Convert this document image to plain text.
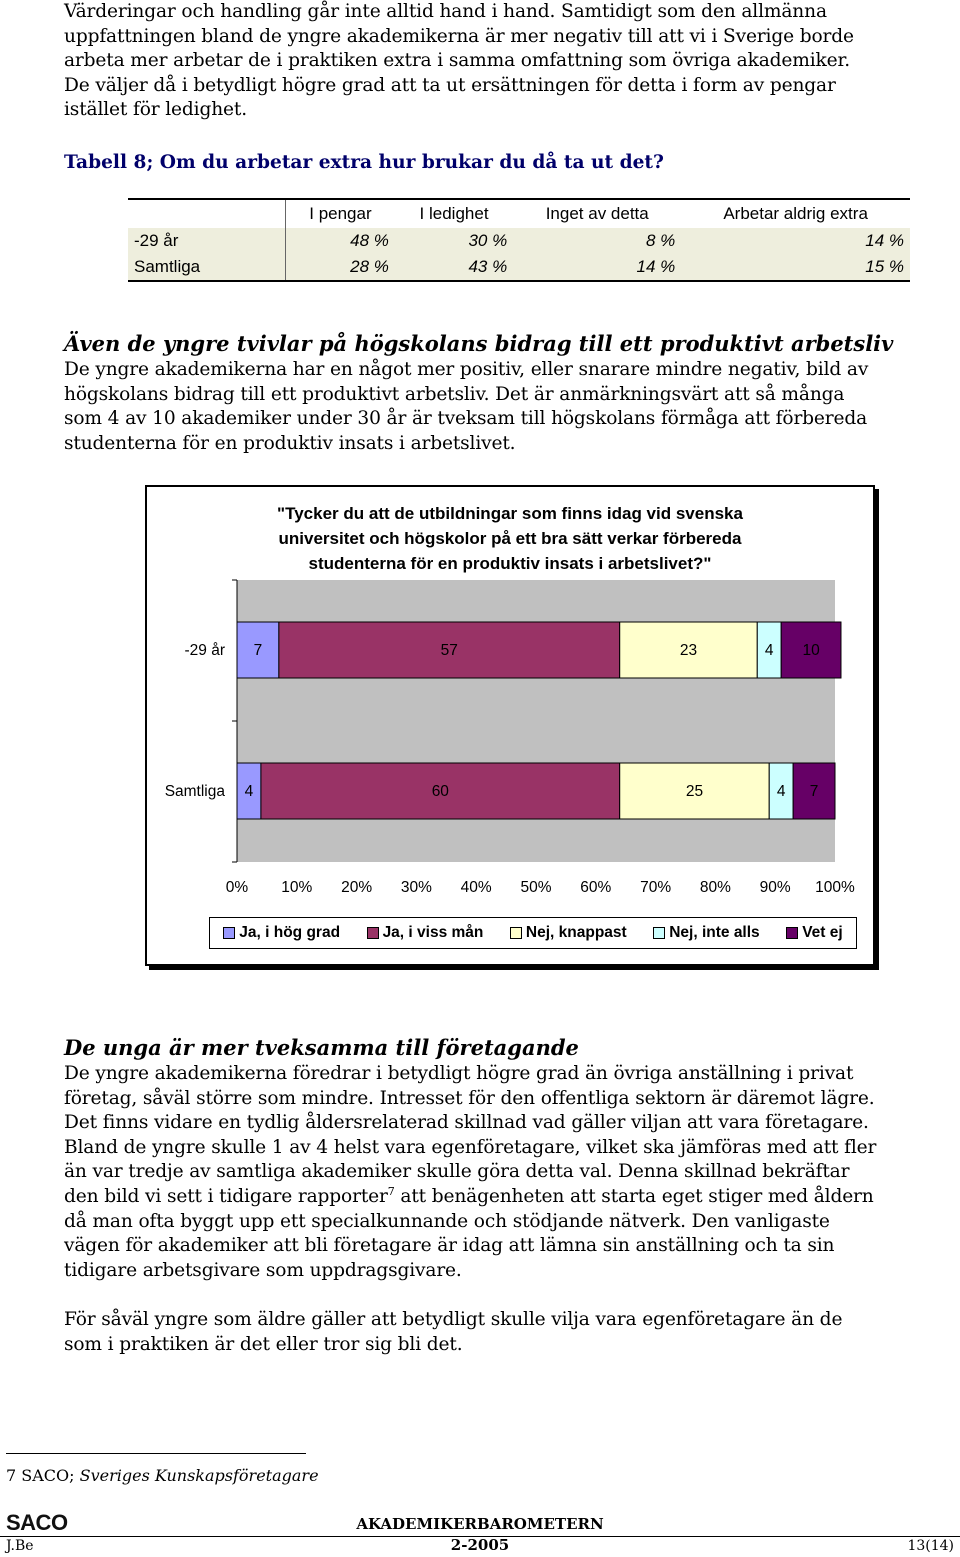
Värderingar och handling går inte alltid hand i hand. Samtidigt som den allmänna

uppfattningen bland de yngre akademikerna är mer negativ till att vi i Sverige borde

arbeta mer arbetar de i praktiken extra i samma omfattning som övriga akademiker.

De väljer då i betydligt högre grad att ta ut ersättningen för detta i form av pengar

istället för ledighet.

Tabell 8; Om du arbetar extra hur brukar du då ta ut det?
	I pengar	I ledighet	Inget av detta	Arbetar aldrig extra
-29 år	48 %	30 %	8 %	14 %
Samtliga	28 %	43 %	14 %	15 %
Även de yngre tvivlar på högskolans bidrag till ett produktivt arbetsliv

De yngre akademikerna har en något mer positiv, eller snarare mindre negativ, bild av

högskolans bidrag till ett produktivt arbetsliv. Det är anmärkningsvärt att så många

som 4 av 10 akademiker under 30 år är tveksam till högskolans förmåga att förbereda

studenterna för en produktiv insats i arbetslivet.

"Tycker du att de utbildningar som finns idag vid svenska
universitet och högskolor på ett bra sätt verkar förbereda
studenterna för en produktiv insats i arbetslivet?"
-29 år 7	57	23	4 10
Samtliga 4	60	25	4 7
0% 10% 20% 30% 40% 50% 60% 70% 80% 90% 100%
Ja, i hög grad	Ja, i viss mån	Nej, knappast	Nej, inte alls	Vet ej
De unga är mer tveksamma till företagande

De yngre akademikerna föredrar i betydligt högre grad än övriga anställning i privat

företag, såväl större som mindre. Intresset för den offentliga sektorn är däremot lägre.

Det finns vidare en tydlig åldersrelaterad skillnad vad gäller viljan att vara företagare.

Bland de yngre skulle 1 av 4 helst vara egenföretagare, vilket ska jämföras med att fler

än var tredje av samtliga akademiker skulle göra detta val. Denna skillnad bekräftar

den bild vi sett i tidigare rapporter$^7$ att benägenheten att starta eget stiger med åldern

då man ofta byggt upp ett specialkunnande och stödjande nätverk. Den vanligaste

vägen för akademiker att bli företagare är idag att lämna sin anställning och ta sin

tidigare arbetsgivare som uppdragsgivare.

För såväl yngre som äldre gäller att betydligt skulle vilja vara egenföretagare än de

som i praktiken är det eller tror sig bli det.

7 SACO; Sveriges Kunskapsföretagare
SACO	AKADEMIKERBAROMETERN
J.Be	2-2005	13(14)
